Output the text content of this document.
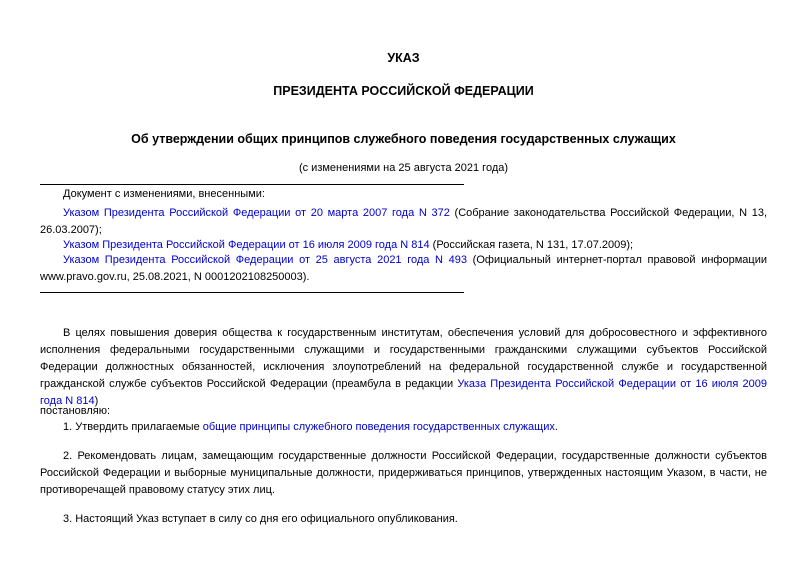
УКАЗ
ПРЕЗИДЕНТА РОССИЙСКОЙ ФЕДЕРАЦИИ
Об утверждении общих принципов служебного поведения государственных служащих
(с изменениями на 25 августа 2021 года)
Документ с изменениями, внесенными:
Указом Президента Российской Федерации от 20 марта 2007 года N 372 (Собрание законодательства Российской Федерации, N 13, 26.03.2007);
Указом Президента Российской Федерации от 16 июля 2009 года N 814 (Российская газета, N 131, 17.07.2009);
Указом Президента Российской Федерации от 25 августа 2021 года N 493 (Официальный интернет-портал правовой информации www.pravo.gov.ru, 25.08.2021, N 0001202108250003).
В целях повышения доверия общества к государственным институтам, обеспечения условий для добросовестного и эффективного исполнения федеральными государственными служащими и государственными гражданскими служащими субъектов Российской Федерации должностных обязанностей, исключения злоупотреблений на федеральной государственной службе и государственной гражданской службе субъектов Российской Федерации (преамбула в редакции Указа Президента Российской Федерации от 16 июля 2009 года N 814)
постановляю:
1. Утвердить прилагаемые общие принципы служебного поведения государственных служащих.
2. Рекомендовать лицам, замещающим государственные должности Российской Федерации, государственные должности субъектов Российской Федерации и выборные муниципальные должности, придерживаться принципов, утвержденных настоящим Указом, в части, не противоречащей правовому статусу этих лиц.
3. Настоящий Указ вступает в силу со дня его официального опубликования.
